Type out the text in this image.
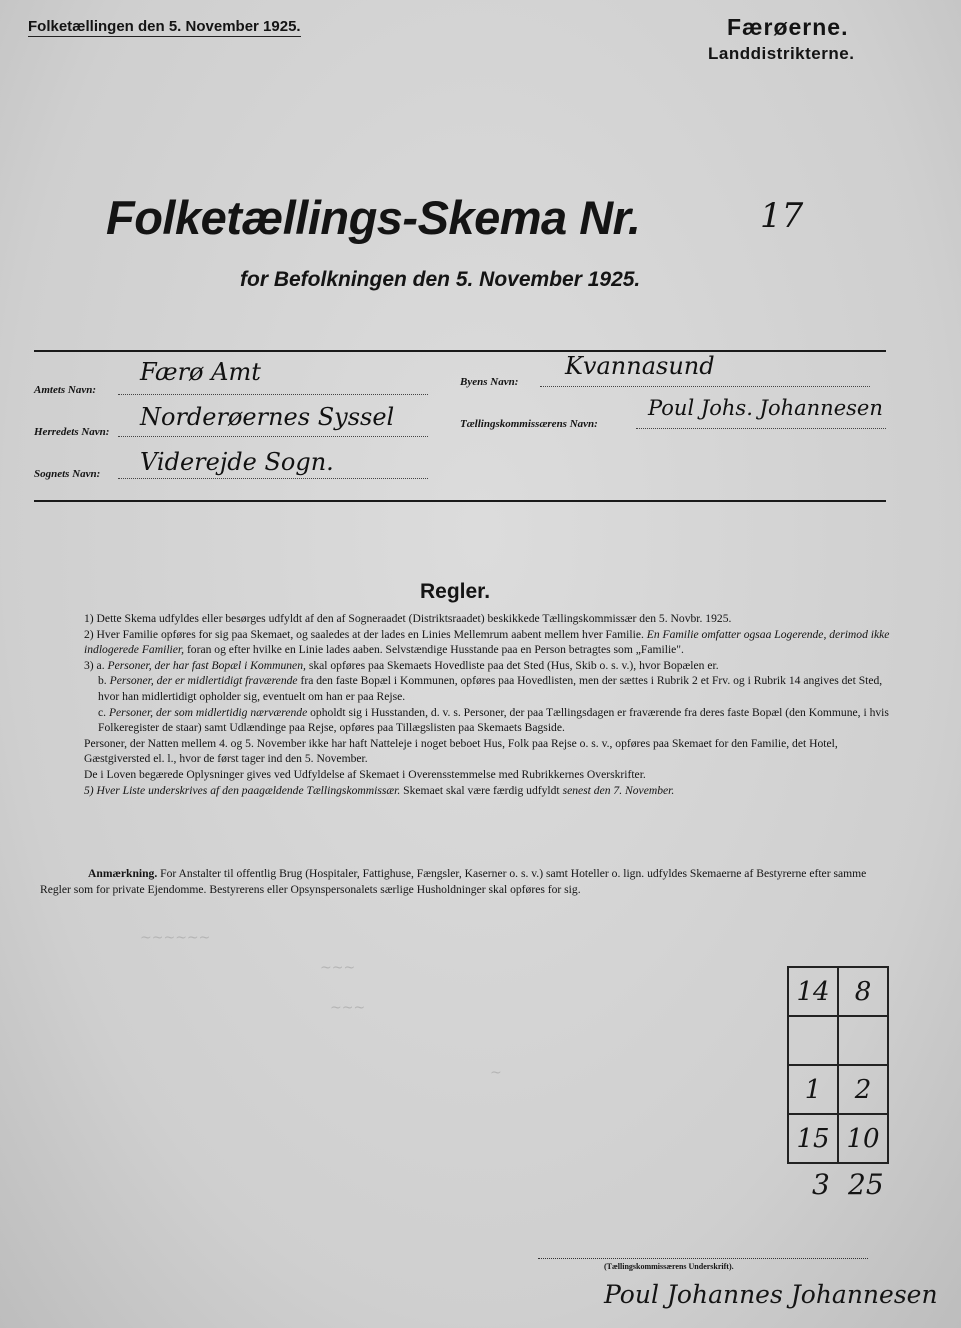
Folketællingen den 5. November 1925.	Færøerne.
Landdistrikterne.
Folketællings-Skema Nr.	17
for Befolkningen den 5. November 1925.
Amtets Navn:
Færø Amt
Herredets Navn:
Norderøernes Syssel
Sognets Navn: Viderejde Sogn.
Byens Navn:
Kvannasund
Tællingskommissærens Navn:
Poul Johs. Johannesen
Regler.

1) Dette Skema udfyldes eller besørges udfyldt af den af Sogneraadet (Distriktsraadet) beskikkede Tællingskommissær den 5. Novbr. 1925.

2) Hver Familie opføres for sig paa Skemaet, og saaledes at der lades en Linies Mellemrum aabent mellem hver Familie. En Familie omfatter ogsaa Logerende, derimod ikke indlogerede Familier, foran og efter hvilke en Linie lades aaben. Selvstændige Husstande paa en Person betragtes som „Familie".

3) a. Personer, der har fast Bopæl i Kommunen, skal opføres paa Skemaets Hovedliste paa det Sted (Hus, Skib o. s. v.), hvor Bopælen er.

b. Personer, der er midlertidigt fraværende fra den faste Bopæl i Kommunen, opføres paa Hovedlisten, men der sættes i Rubrik 2 et Frv. og i Rubrik 14 angives det Sted, hvor han midlertidigt opholder sig, eventuelt om han er paa Rejse.

c. Personer, der som midlertidig nærværende opholdt sig i Husstanden, d. v. s. Personer, der paa Tællingsdagen er fraværende fra deres faste Bopæl (den Kommune, i hvis Folkeregister de staar) samt Udlændinge paa Rejse, opføres paa Tillægslisten paa Skemaets Bagside.

Personer, der Natten mellem 4. og 5. November ikke har haft Natteleje i noget beboet Hus, Folk paa Rejse o. s. v., opføres paa Skemaet for den Familie, det Hotel, Gæstgiversted el. l., hvor de først tager ind den 5. November.

De i Loven begærede Oplysninger gives ved Udfyldelse af Skemaet i Overensstemmelse med Rubrikkernes Overskrifter.

5) Hver Liste underskrives af den paagældende Tællingskommissær. Skemaet skal være færdig udfyldt senest den 7. November.

Anmærkning. For Anstalter til offentlig Brug (Hospitaler, Fattighuse, Fængsler, Kaserner o. s. v.) samt Hoteller o. lign. udfyldes Skemaerne af Bestyrerne efter samme Regler som for private Ejendomme. Bestyrerens eller Opsynspersonalets særlige Husholdninger skal opføres for sig.
~~~~~~
~~~
~~~
~
14	8

1	2
15	10
3 25
(Tællingskommissærens Underskrift).
Poul Johannes Johannesen
